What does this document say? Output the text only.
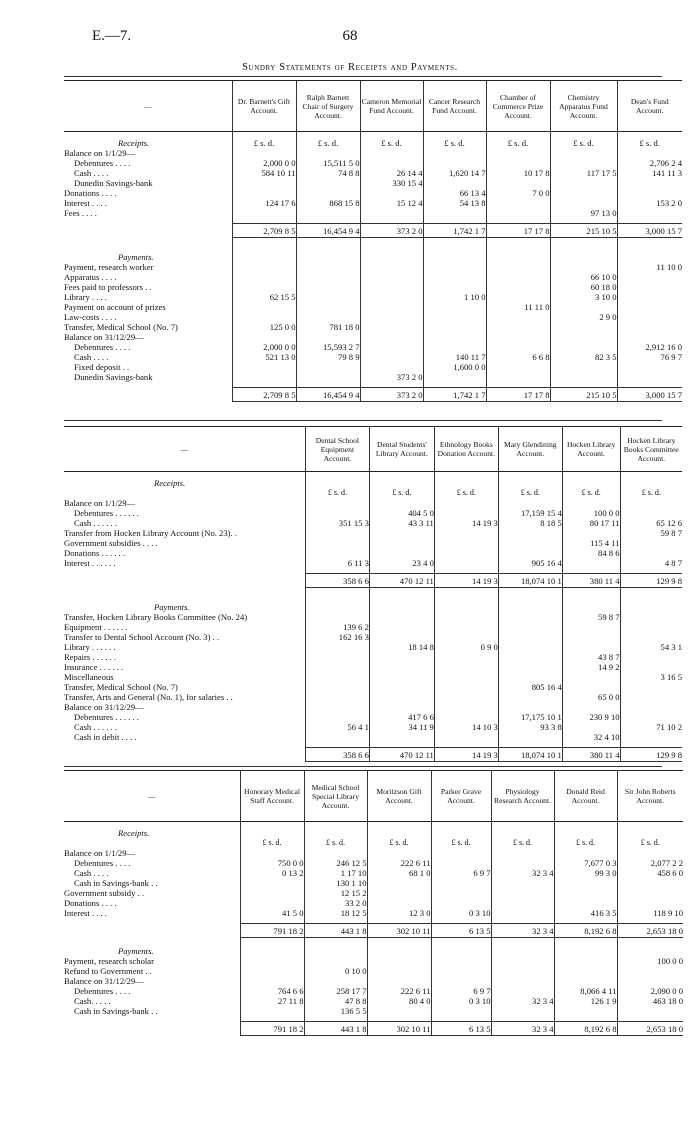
E.—7.	68
Sundry Statements of Receipts and Payments.
—	Dr. Barnett's Gift Account.	Ralph Barnett Chair of Surgery Account.	Cameron Memorial Fund Account.	Cancer Research Fund Account.	Chamber of Commerce Prize Account.	Chemistry Apparatus Fund Account.	Dean's Fund Account.

Receipts.	£ s. d.	£ s. d.	£ s. d.	£ s. d.	£ s. d.	£ s. d.	£ s. d.
Balance on 1/1/29—							
Debentures . . . .	2,000 0 0	15,511 5 0					2,706 2 4
Cash . . . .	584 10 11	74 8 8	26 14 4	1,620 14 7	10 17 8	117 17 5	141 11 3
Dunedin Savings-bank			330 15 4				
Donations . . . .				66 13 4	7 0 0		
Interest . . . .	124 17 6	868 15 8	15 12 4	54 13 8			153 2 0
Fees . . . .						97 13 0	

	2,709 8 5	16,454 9 4	373 2 0	1,742 1 7	17 17 8	215 10 5	3,000 15 7

Payments.							
Payment, research worker							11 10 0
Apparatus . . . .						66 10 0	
Fees paid to professors . .						60 18 0	
Library . . . .	62 15 5			1 10 0		3 10 0	
Payment on account of prizes					11 11 0		
Law-costs . . . .						2 9 0	
Transfer, Medical School (No. 7)	125 0 0	781 18 0					
Balance on 31/12/29—							
Debentures . . . .	2,000 0 0	15,593 2 7					2,912 16 0
Cash . . . .	521 13 0	79 8 9		140 11 7	6 6 8	82 3 5	76 9 7
Fixed deposit . .				1,600 0 0			
Dunedin Savings-bank			373 2 0				

	2,709 8 5	16,454 9 4	373 2 0	1,742 1 7	17 17 8	215 10 5	3,000 15 7
—	Dental School Equipment Account.	Dental Students' Library Account.	Ethnology Books Donation Account.	Mary Glendining Account.	Hocken Library Account.	Hocken Library Books Committee Account.

Receipts.						
	£ s. d.	£ s. d.	£ s. d.	£ s. d.	£ s. d.	£ s. d.
Balance on 1/1/29—						
Debentures . . . . . .		404 5 0		17,159 15 4	100 0 0	
Cash . . . . . .	351 15 3	43 3 11	14 19 3	8 18 5	80 17 11	65 12 6
Transfer from Hocken Library Account (No. 23). .						59 8 7
Government subsidies . . . .					115 4 11	
Donations . . . . . .					84 8 6	
Interest . . . . . .	6 11 3	23 4 0		905 16 4		4 8 7

	358 6 6	470 12 11	14 19 3	18,074 10 1	380 11 4	129 9 8

Payments.						
Transfer, Hocken Library Books Committee (No. 24)					59 8 7	
Equipment . . . . . .	139 6 2					
Transfer to Dental School Account (No. 3) . .	162 16 3					
Library . . . . . .		18 14 8	0 9 0			54 3 1
Repairs . . . . . .					43 8 7	
Insurance . . . . . .					14 9 2	
Miscellaneous						3 16 5
Transfer, Medical School (No. 7)				805 16 4		
Transfer, Arts and General (No. 1), for salaries . .					65 0 0	
Balance on 31/12/29—						
Debentures . . . . . .		417 6 6		17,175 10 1	230 9 10	
Cash . . . . . .	56 4 1	34 11 9	14 10 3	93 3 8		71 10 2
Cash in debit . . . .					32 4 10	

	358 6 6	470 12 11	14 19 3	18,074 10 1	380 11 4	129 9 8
—	Honorary Medical Staff Account.	Medical School Special Library Account.	Moritzson Gift Account.	Parker Grave Account.	Physiology Research Account.	Donald Reid Account.	Sir John Roberts Account.

Receipts.							
	£ s. d.	£ s. d.	£ s. d.	£ s. d.	£ s. d.	£ s. d.	£ s. d.
Balance on 1/1/29—							
Debentures . . . .	750 0 0	246 12 5	222 6 11			7,677 0 3	2,077 2 2
Cash . . . .	0 13 2	1 17 10	68 1 0	6 9 7	32 3 4	99 3 0	458 6 0
Cash in Savings-bank . .		130 1 10					
Government subsidy . .		12 15 2					
Donations . . . .		33 2 0					
Interest . . . .	41 5 0	18 12 5	12 3 0	0 3 10		416 3 5	118 9 10

	791 18 2	443 1 8	302 10 11	6 13 5	32 3 4	8,192 6 8	2,653 18 0

Payments.							
Payment, research scholar							100 0 0
Refund to Government . .		0 10 0					
Balance on 31/12/29—							
Debentures . . . .	764 6 6	258 17 7	222 6 11	6 9 7		8,066 4 11	2,090 0 0
Cash. . . . .	27 11 8	47 8 8	80 4 0	0 3 10	32 3 4	126 1 9	463 18 0
Cash in Savings-bank . .		136 5 5					

	791 18 2	443 1 8	302 10 11	6 13 5	32 3 4	8,192 6 8	2,653 18 0
